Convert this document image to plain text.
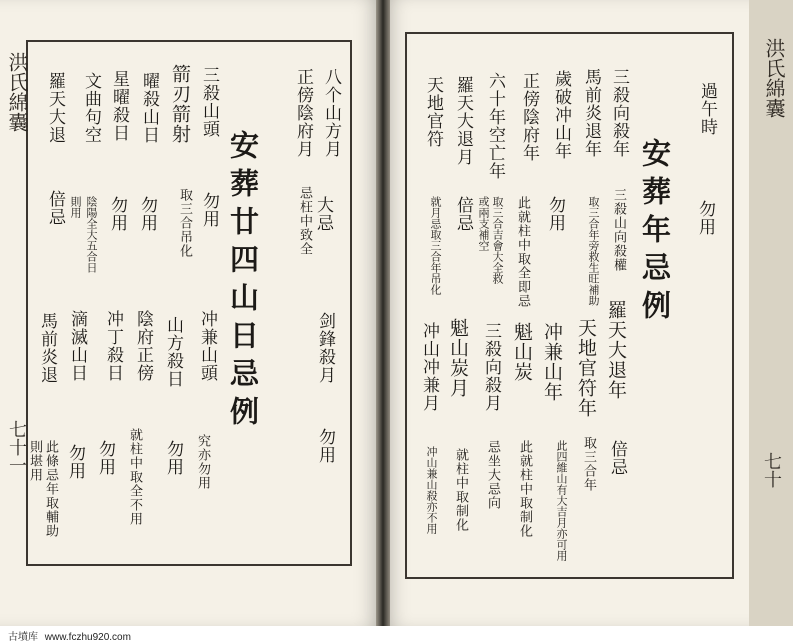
洪氏綿囊
七十一
八个山方月
正傍陰府月
大忌
忌枉中致全
剑鋒殺月
勿用
安葬廿四山日忌例
三殺山頭
箭刃箭射
勿用
取三合吊化
冲兼山頭
山方殺日
究亦勿用
勿用
曜殺山日
勿用
陰府正傍
就柱中取全不用
星曜殺日
勿用
冲丁殺日
勿用
文曲句空
陰陽全大五合日
則用
滴滅山日
勿用
羅天大退
倍忌
馬前炎退
此條忌年取輔助
則堪用
洪氏綿囊
七十
過午時
安葬年忌例 勿用
三殺向殺年
馬前炎退年
取三合年旁救生旺補助
羅天大退年
倍忌
歲破冲山年
三殺山向殺權
天地官符年
取三合年
正傍陰府年
勿用
冲兼山年
此四維山有大吉月亦可用
六十年空亡年
此就柱中取全即忌
魁山炭
此就柱中取制化
羅天大退月
取三合吉會大全救
或兩支補空
三殺向殺月
忌坐大忌向
天地官符
倍忌
魁山炭月
就柱中取制化
就月忌取三合年吊化
冲山冲兼月
冲山兼山殺亦不用
古墳库 www.fczhu920.com
